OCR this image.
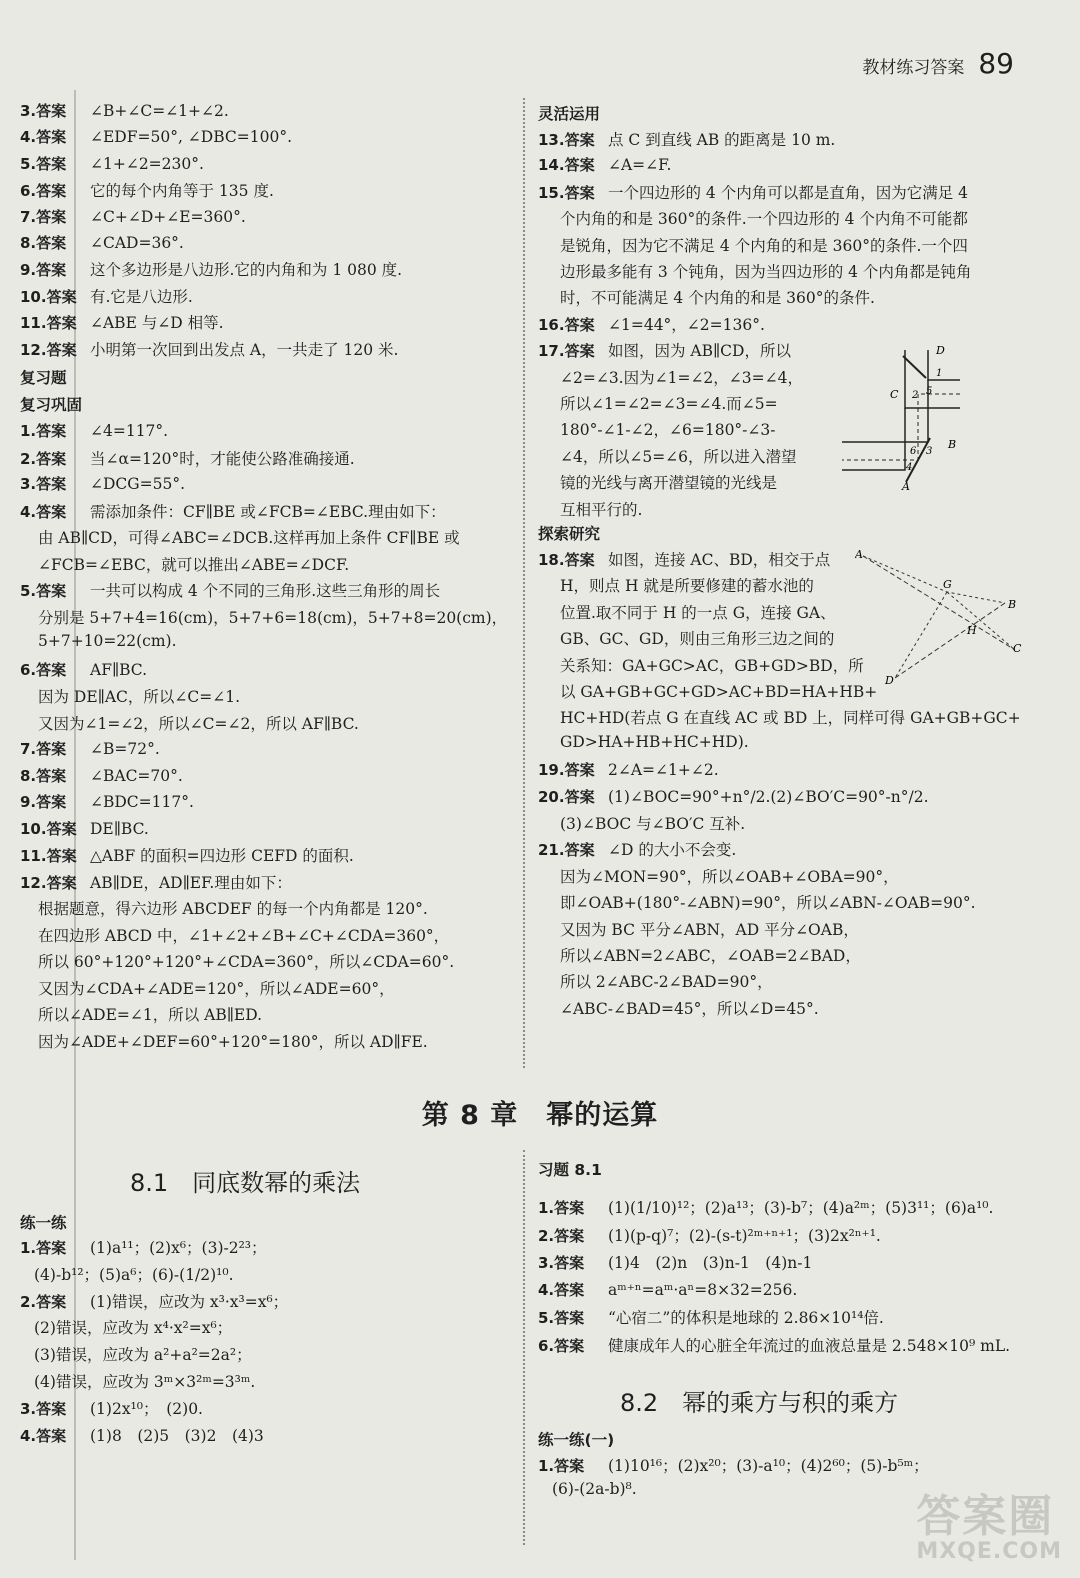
教材练习答案 89
3.答案 ∠B+∠C=∠1+∠2.
4.答案 ∠EDF=50°, ∠DBC=100°.
5.答案 ∠1+∠2=230°.
6.答案 它的每个内角等于 135 度.
7.答案 ∠C+∠D+∠E=360°.
8.答案 ∠CAD=36°.
9.答案 这个多边形是八边形.它的内角和为 1 080 度.
10.答案 有.它是八边形.
11.答案 ∠ABE 与∠D 相等.
12.答案 小明第一次回到出发点 A，一共走了 120 米.
复习题
复习巩固
1.答案 ∠4=117°.
2.答案 当∠α=120°时，才能使公路准确接通.
3.答案 ∠DCG=55°.
4.答案 需添加条件：CF∥BE 或∠FCB=∠EBC.理由如下：
由 AB∥CD，可得∠ABC=∠DCB.这样再加上条件 CF∥BE 或
∠FCB=∠EBC，就可以推出∠ABE=∠DCF.
5.答案 一共可以构成 4 个不同的三角形.这些三角形的周长
分别是 5+7+4=16(cm)，5+7+6=18(cm)，5+7+8=20(cm)，
5+7+10=22(cm).
6.答案 AF∥BC.
因为 DE∥AC，所以∠C=∠1.
又因为∠1=∠2，所以∠C=∠2，所以 AF∥BC.
7.答案 ∠B=72°.
8.答案 ∠BAC=70°.
9.答案 ∠BDC=117°.
10.答案 DE∥BC.
11.答案 △ABF 的面积=四边形 CEFD 的面积.
12.答案 AB∥DE，AD∥EF.理由如下：
根据题意，得六边形 ABCDEF 的每一个内角都是 120°.
在四边形 ABCD 中，∠1+∠2+∠B+∠C+∠CDA=360°，
所以 60°+120°+120°+∠CDA=360°，所以∠CDA=60°.
又因为∠CDA+∠ADE=120°，所以∠ADE=60°，
所以∠ADE=∠1，所以 AB∥ED.
因为∠ADE+∠DEF=60°+120°=180°，所以 AD∥FE.
灵活运用
13.答案 点 C 到直线 AB 的距离是 10 m.
14.答案 ∠A=∠F.
15.答案 一个四边形的 4 个内角可以都是直角，因为它满足 4
个内角的和是 360°的条件.一个四边形的 4 个内角不可能都
是锐角，因为它不满足 4 个内角的和是 360°的条件.一个四
边形最多能有 3 个钝角，因为当四边形的 4 个内角都是钝角
时，不可能满足 4 个内角的和是 360°的条件.
16.答案 ∠1=44°，∠2=136°.
17.答案 如图，因为 AB∥CD，所以
∠2=∠3.因为∠1=∠2，∠3=∠4，
所以∠1=∠2=∠3=∠4.而∠5=
180°-∠1-∠2，∠6=180°-∠3-
∠4，所以∠5=∠6，所以进入潜望
镜的光线与离开潜望镜的光线是
互相平行的.
探索研究
18.答案 如图，连接 AC、BD，相交于点
H，则点 H 就是所要修建的蓄水池的
位置.取不同于 H 的一点 G，连接 GA、
GB、GC、GD，则由三角形三边之间的
关系知：GA+GC>AC，GB+GD>BD，所
以 GA+GB+GC+GD>AC+BD=HA+HB+
HC+HD(若点 G 在直线 AC 或 BD 上，同样可得 GA+GB+GC+
GD>HA+HB+HC+HD).
19.答案 2∠A=∠1+∠2.
20.答案 (1)∠BOC=90°+n°/2.(2)∠BO′C=90°-n°/2.
(3)∠BOC 与∠BO′C 互补.
21.答案 ∠D 的大小不会变.
因为∠MON=90°，所以∠OAB+∠OBA=90°，
即∠OAB+(180°-∠ABN)=90°，所以∠ABN-∠OAB=90°.
又因为 BC 平分∠ABN，AD 平分∠OAB，
所以∠ABN=2∠ABC，∠OAB=2∠BAD，
所以 2∠ABC-2∠BAD=90°，
∠ABC-∠BAD=45°，所以∠D=45°.
D
C
1
2 5
3
6
4
B
A
A
G
B
H
C
D
第 8 章　幂的运算
8.1　同底数幂的乘法
练一练
1.答案 (1)a¹¹；(2)x⁶；(3)-2²³；
(4)-b¹²；(5)a⁶；(6)-(1/2)¹⁰.
2.答案 (1)错误，应改为 x³·x³=x⁶；
(2)错误，应改为 x⁴·x²=x⁶；
(3)错误，应改为 a²+a²=2a²；
(4)错误，应改为 3ᵐ×3²ᵐ=3³ᵐ.
3.答案 (1)2x¹⁰；　(2)0.
4.答案 (1)8　(2)5　(3)2　(4)3
习题 8.1
1.答案 (1)(1/10)¹²；(2)a¹³；(3)-b⁷；(4)a²ᵐ；(5)3¹¹；(6)a¹⁰.
2.答案 (1)(p-q)⁷；(2)-(s-t)²ᵐ⁺ⁿ⁺¹；(3)2x²ⁿ⁺¹.
3.答案 (1)4　(2)n　(3)n-1　(4)n-1
4.答案 aᵐ⁺ⁿ=aᵐ·aⁿ=8×32=256.
5.答案 “心宿二”的体积是地球的 2.86×10¹⁴倍.
6.答案 健康成年人的心脏全年流过的血液总量是 2.548×10⁹ mL.
8.2　幂的乘方与积的乘方
练一练(一)
1.答案 (1)10¹⁶；(2)x²⁰；(3)-a¹⁰；(4)2⁶⁰；(5)-b⁵ᵐ；
(6)-(2a-b)⁸.
答案圈
MXQE.COM
